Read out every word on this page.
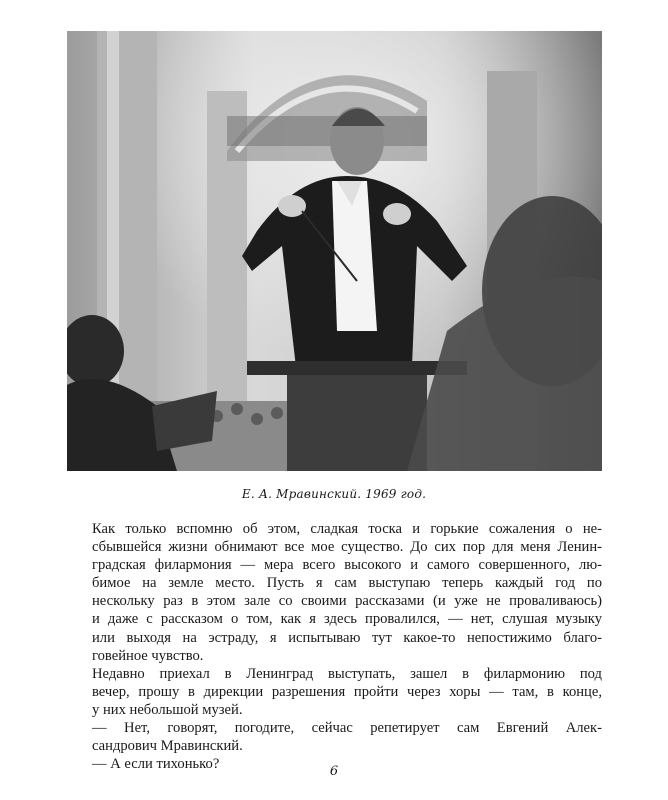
Е. А. Мравинский. 1969 год.

Как только вспомню об этом, сладкая тоска и горькие сожаления о не-
сбывшейся жизни обнимают все мое существо. До сих пор для меня Ленин-
градская филармония — мера всего высокого и самого совершенного, лю-
бимое на земле место. Пусть я сам выступаю теперь каждый год по
нескольку раз в этом зале со своими рассказами (и уже не проваливаюсь)
и даже с рассказом о том, как я здесь провалился, — нет, слушая музыку
или выходя на эстраду, я испытываю тут какое-то непостижимо благо-
говейное чувство.

Недавно приехал в Ленинград выступать, зашел в филармонию под
вечер, прошу в дирекции разрешения пройти через хоры — там, в конце,
у них небольшой музей.

— Нет, говорят, погодите, сейчас репетирует сам Евгений Алек-
сандрович Мравинский.

— А если тихонько?	6
